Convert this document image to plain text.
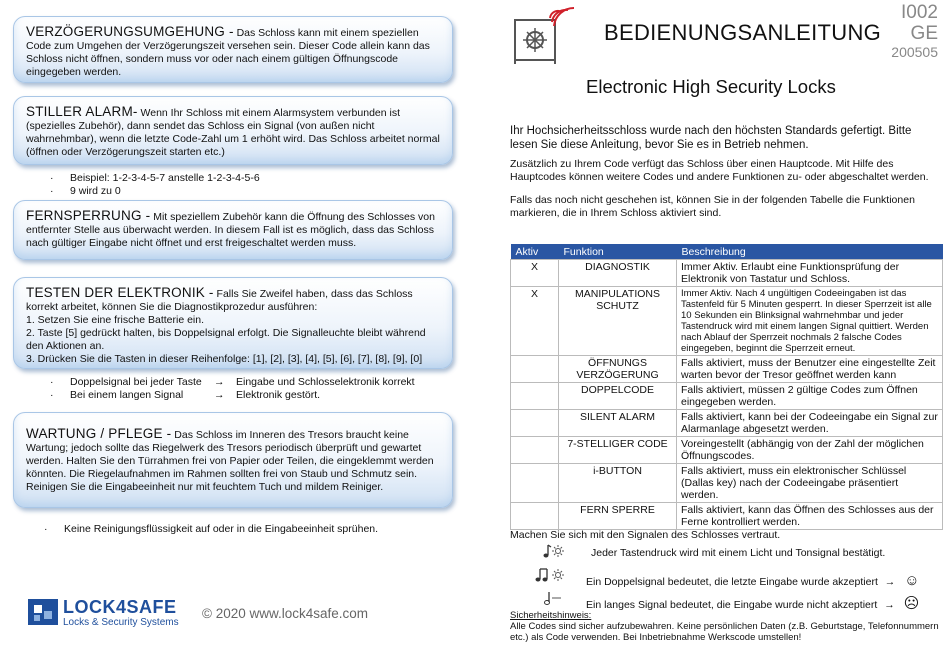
VERZÖGERUNGSUMGEHUNG - Das Schloss kann mit einem speziellen Code zum Umgehen der Verzögerungszeit versehen sein. Dieser Code allein kann das Schloss nicht öffnen, sondern muss vor oder nach einem gültigen Öffnungscode eingegeben werden.

STILLER ALARM- Wenn Ihr Schloss mit einem Alarmsystem verbunden ist (spezielles Zubehör), dann sendet das Schloss ein Signal (von außen nicht wahrnehmbar), wenn die letzte Code-Zahl um 1 erhöht wird. Das Schloss arbeitet normal (öffnen oder Verzögerungszeit starten etc.)

· Beispiel: 1-2-3-4-5-7 anstelle 1-2-3-4-5-6
· 9 wird zu 0

FERNSPERRUNG - Mit speziellem Zubehör kann die Öffnung des Schlosses von entfernter Stelle aus überwacht werden. In diesem Fall ist es möglich, dass das Schloss nach gültiger Eingabe nicht öffnet und erst freigeschaltet werden muss.

TESTEN DER ELEKTRONIK - Falls Sie Zweifel haben, dass das Schloss korrekt arbeitet, können Sie die Diagnostikprozedur ausführen:

1. Setzen Sie eine frische Batterie ein.

2. Taste [5] gedrückt halten, bis Doppelsignal erfolgt. Die Signalleuchte bleibt während den Aktionen an.

3. Drücken Sie die Tasten in dieser Reihenfolge: [1], [2], [3], [4], [5], [6], [7], [8], [9], [0]

· Doppelsignal bei jeder Taste → Eingabe und Schlosselektronik korrekt
· Bei einem langen Signal	→ Elektronik gestört.

WARTUNG / PFLEGE - Das Schloss im Inneren des Tresors braucht keine Wartung; jedoch sollte das Riegelwerk des Tresors periodisch überprüft und gewartet werden. Halten Sie den Türrahmen frei von Papier oder Teilen, die eingeklemmt werden könnten. Die Riegelaufnahmen im Rahmen sollten frei von Staub und Schmutz sein. Reinigen Sie die Eingabeeinheit nur mit feuchtem Tuch und mildem Reiniger.

· Keine Reinigungsflüssigkeit auf oder in die Eingabeeinheit sprühen.
LOCK4SAFE
Locks & Security Systems
© 2020 www.lock4safe.com
BEDIENUNGSANLEITUNG
I002
GE
200505
Electronic High Security Locks
Ihr Hochsicherheitsschloss wurde nach den höchsten Standards gefertigt. Bitte lesen Sie diese Anleitung, bevor Sie es in Betrieb nehmen.
Zusätzlich zu Ihrem Code verfügt das Schloss über einen Hauptcode. Mit Hilfe des Hauptcodes können weitere Codes und andere Funktionen zu- oder abgeschaltet werden.
Falls das noch nicht geschehen ist, können Sie in der folgenden Tabelle die Funktionen markieren, die in Ihrem Schloss aktiviert sind.
Aktiv	Funktion	Beschreibung
X	DIAGNOSTIK	Immer Aktiv. Erlaubt eine Funktionsprüfung der Elektronik von Tastatur und Schloss.
X	MANIPULATIONS SCHUTZ	Immer Aktiv. Nach 4 ungültigen Codeeingaben ist das Tastenfeld für 5 Minuten gesperrt. In dieser Sperrzeit ist alle 10 Sekunden ein Blinksignal wahrnehmbar und jeder Tastendruck wird mit einem langen Signal quittiert. Werden nach Ablauf der Sperrzeit nochmals 2 falsche Codes eingegeben, beginnt die Sperrzeit erneut.
	ÖFFNUNGS VERZÖGERUNG	Falls aktiviert, muss der Benutzer eine eingestellte Zeit warten bevor der Tresor geöffnet werden kann
	DOPPELCODE	Falls aktiviert, müssen 2 gültige Codes zum Öffnen eingegeben werden.
	SILENT ALARM	Falls aktiviert, kann bei der Codeeingabe ein Signal zur Alarmanlage abgesetzt werden.
	7-STELLIGER CODE	Voreingestellt (abhängig von der Zahl der möglichen Öffnungscodes.
	i-BUTTON	Falls aktiviert, muss ein elektronischer Schlüssel (Dallas key) nach der Codeeingabe präsentiert werden.
	FERN SPERRE	Falls aktiviert, kann das Öffnen des Schlosses aus der Ferne kontrolliert werden.
Machen Sie sich mit den Signalen des Schlosses vertraut.
Jeder Tastendruck wird mit einem Licht und Tonsignal bestätigt.
Ein Doppelsignal bedeutet, die letzte Eingabe wurde akzeptiert → ☺
Ein langes Signal bedeutet, die Eingabe wurde nicht akzeptiert → ☹
Sicherheitshinweis:
Alle Codes sind sicher aufzubewahren. Keine persönlichen Daten (z.B. Geburtstage, Telefonnummern etc.) als Code verwenden. Bei Inbetriebnahme Werkscode umstellen!
